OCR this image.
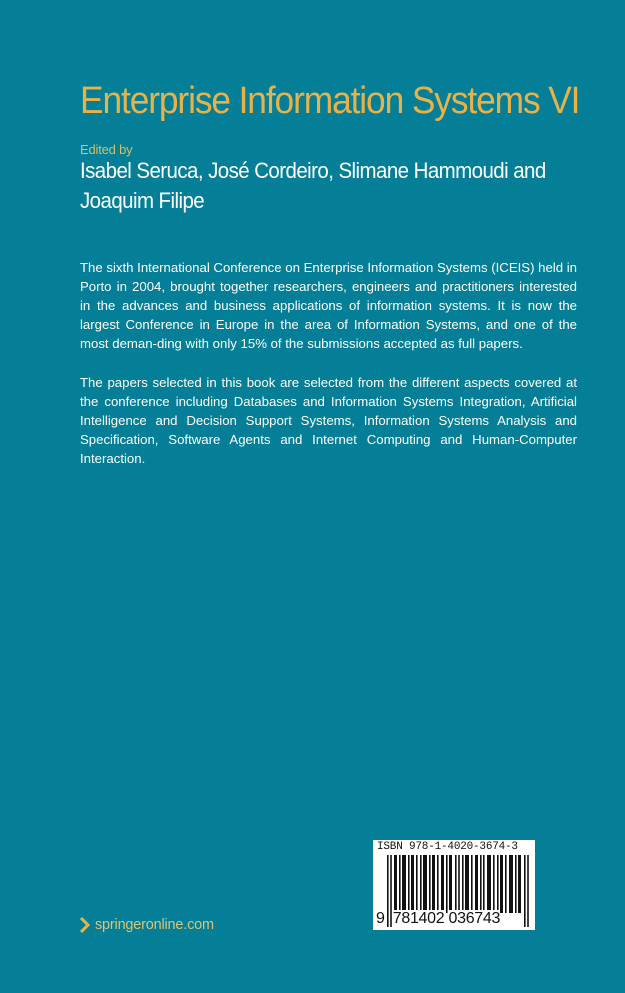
Enterprise Information Systems VI
Edited by
Isabel Seruca, José Cordeiro, Slimane Hammoudi and Joaquim Filipe
The sixth International Conference on Enterprise Information Systems (ICEIS) held in Porto in 2004, brought together researchers, engineers and practitioners interested in the advances and business applications of information systems. It is now the largest Conference in Europe in the area of Information Systems, and one of the most deman-ding with only 15% of the submissions accepted as full papers.
The papers selected in this book are selected from the different aspects covered at the conference including Databases and Information Systems Integration, Artificial Intelligence and Decision Support Systems, Information Systems Analysis and Specification, Software Agents and Internet Computing and Human-Computer Interaction.
ISBN 978-1-4020-3674-3
9 781402 036743
springeronline.com
